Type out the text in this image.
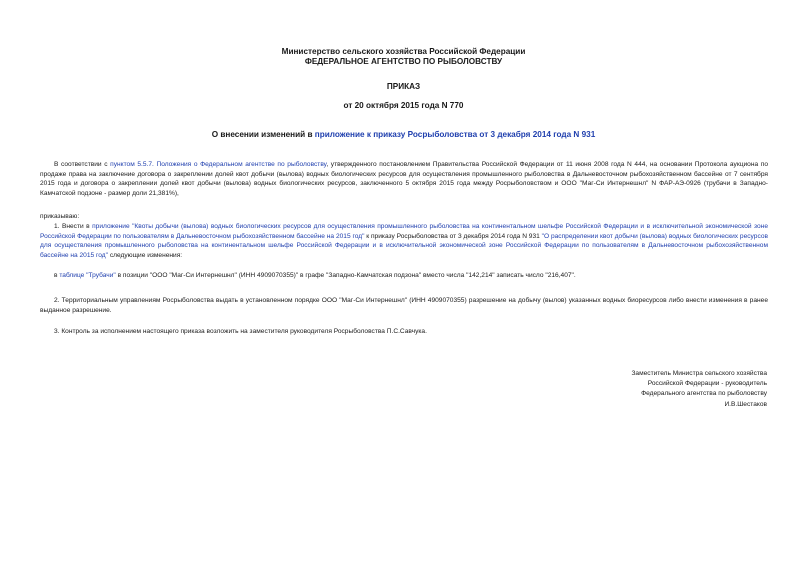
Министерство сельского хозяйства Российской Федерации
ФЕДЕРАЛЬНОЕ АГЕНТСТВО ПО РЫБОЛОВСТВУ
ПРИКАЗ
от 20 октября 2015 года N 770
О внесении изменений в приложение к приказу Росрыболовства от 3 декабря 2014 года N 931

В соответствии с пунктом 5.5.7. Положения о Федеральном агентстве по рыболовству, утвержденного постановлением Правительства Российской Федерации от 11 июня 2008 года N 444, на основании Протокола аукциона по продаже права на заключение договора о закреплении долей квот добычи (вылова) водных биологических ресурсов для осуществления промышленного рыболовства в Дальневосточном рыбохозяйственном бассейне от 7 сентября 2015 года и договора о закреплении долей квот добычи (вылова) водных биологических ресурсов, заключенного 5 октября 2015 года между Росрыболовством и ООО "Маг-Си Интернешнл" N ФАР-АЭ-0926 (трубачи в Западно-Камчатской подзоне - размер доли 21,381%),

приказываю:

1. Внести в приложение "Квоты добычи (вылова) водных биологических ресурсов для осуществления промышленного рыболовства на континентальном шельфе Российской Федерации и в исключительной экономической зоне Российской Федерации по пользователям в Дальневосточном рыбохозяйственном бассейне на 2015 год" к приказу Росрыболовства от 3 декабря 2014 года N 931 "О распределении квот добычи (вылова) водных биологических ресурсов для осуществления промышленного рыболовства на континентальном шельфе Российской Федерации и в исключительной экономической зоне Российской Федерации по пользователям в Дальневосточном рыбохозяйственном бассейне на 2015 год" следующие изменения:

в таблице "Трубачи" в позиции "ООО "Маг-Си Интернешнл" (ИНН 4909070355)" в графе "Западно-Камчатская подзона" вместо числа "142,214" записать число "216,407".

2. Территориальным управлениям Росрыболовства выдать в установленном порядке ООО "Маг-Си Интернешнл" (ИНН 4909070355) разрешение на добычу (вылов) указанных водных биоресурсов либо внести изменения в ранее выданное разрешение.

3. Контроль за исполнением настоящего приказа возложить на заместителя руководителя Росрыболовства П.С.Савчука.

Заместитель Министра сельского хозяйства
Российской Федерации - руководитель
Федерального агентства по рыболовству
И.В.Шестаков
